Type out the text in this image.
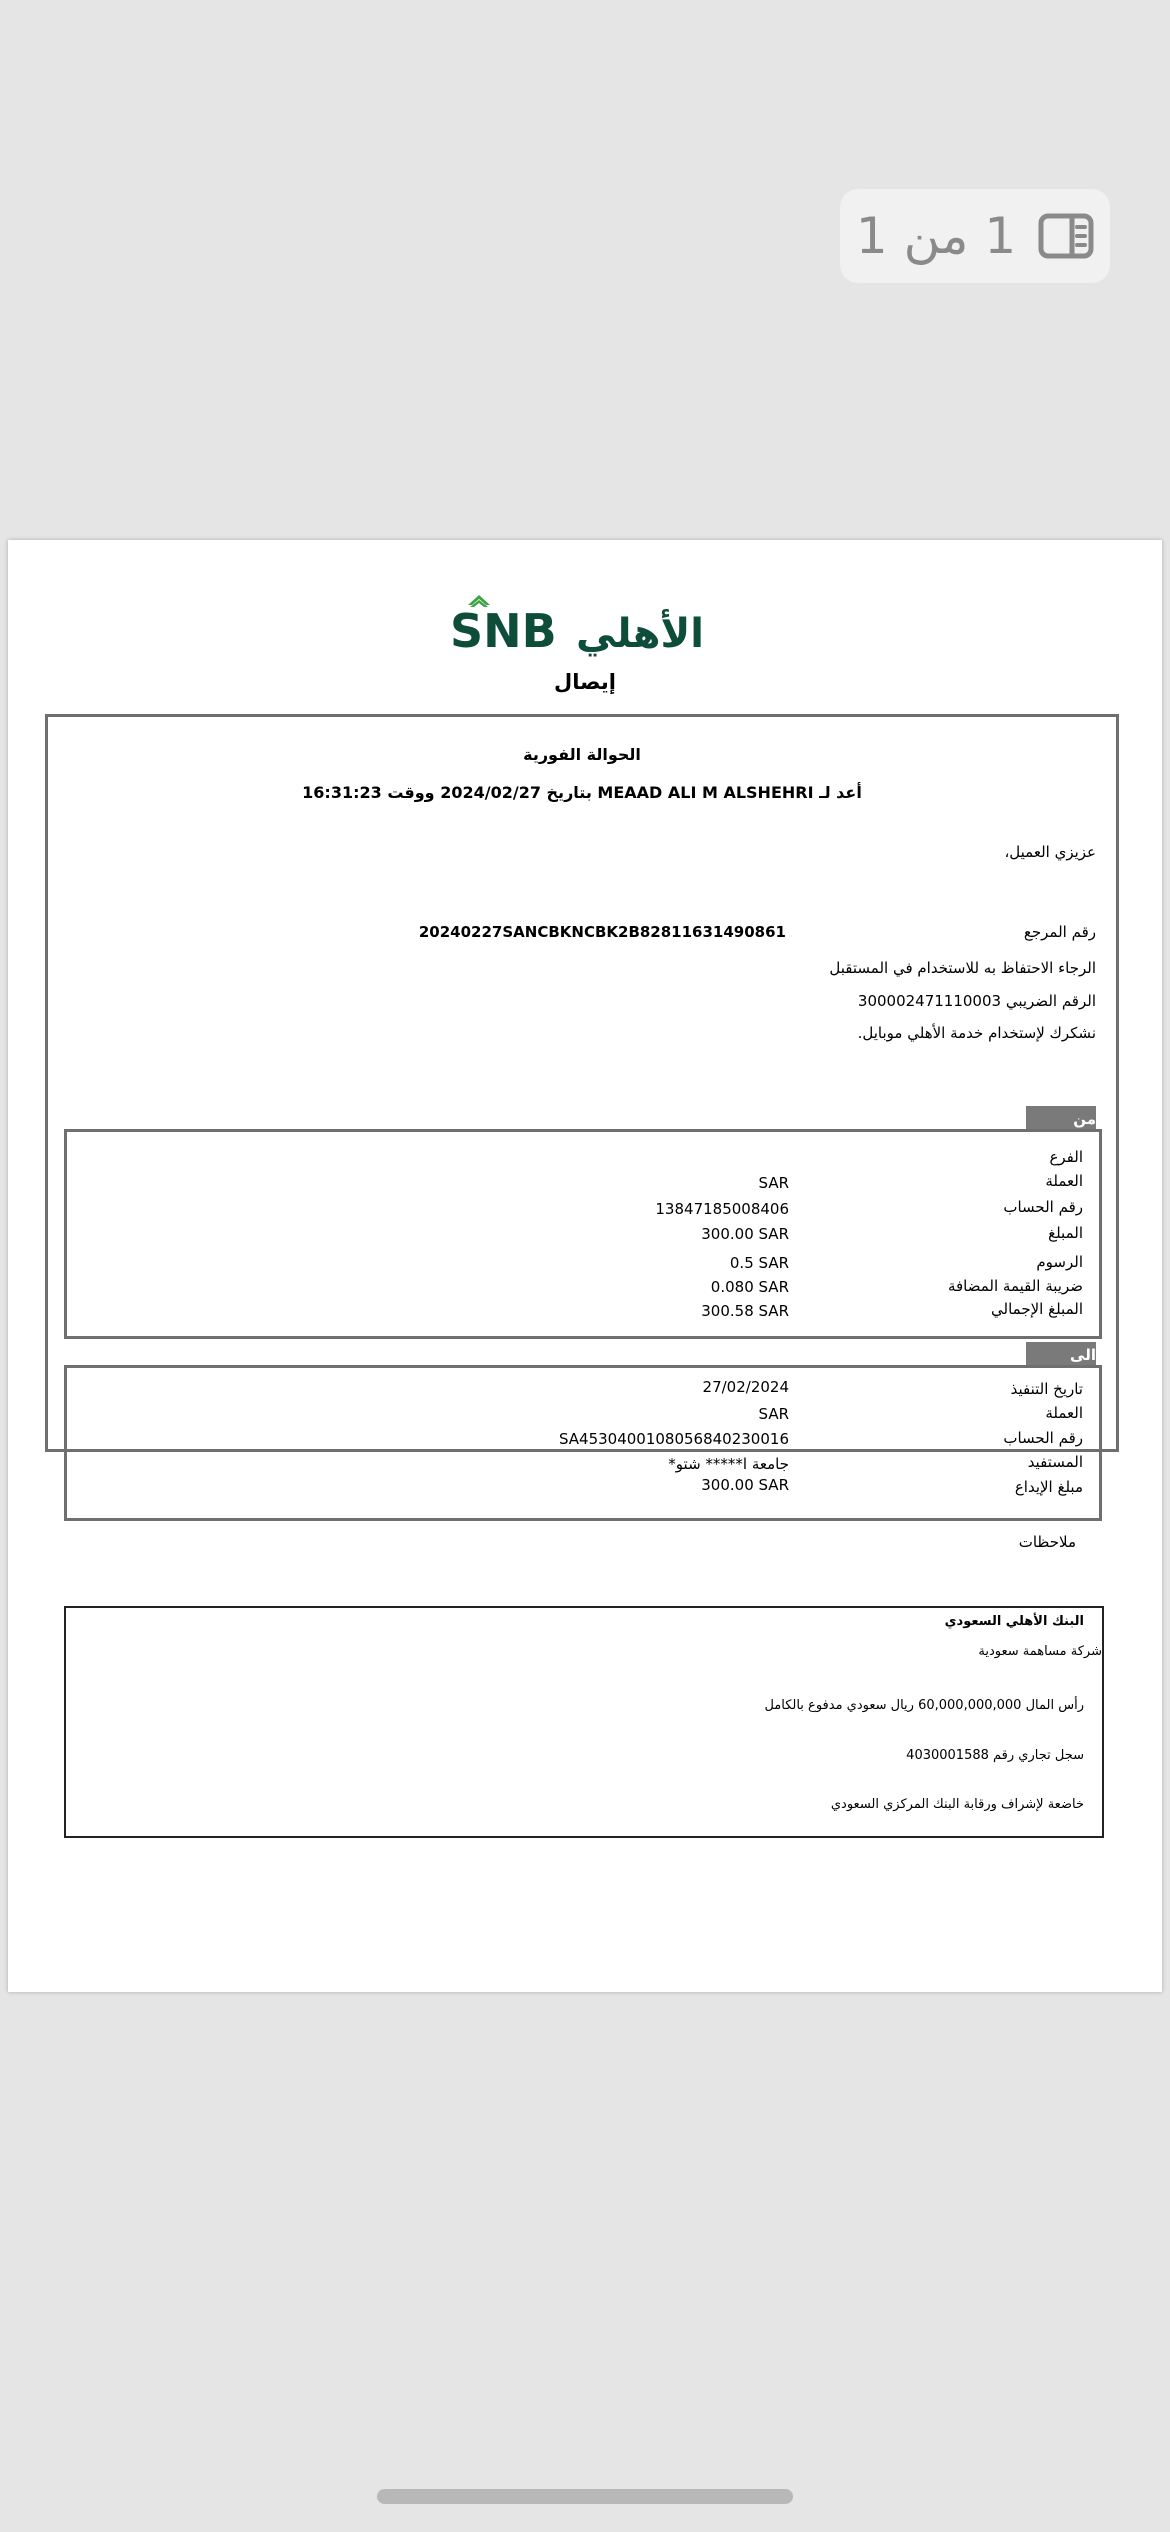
1 من 1
SNB الأهلي
إيصال
الحوالة الفورية
أعد لـ MEAAD ALI M ALSHEHRI بتاريخ 2024/02/27 ووقت 16:31:23
عزيزي العميل،
رقم المرجع
20240227SANCBKNCBK2B82811631490861
الرجاء الاحتفاظ به للاستخدام في المستقبل
الرقم الضريبي 300002471110003
نشكرك لإستخدام خدمة الأهلي موبايل.
من
الفرع
العملة
SAR
رقم الحساب
13847185008406
المبلغ
300.00 SAR
الرسوم
0.5 SAR
ضريبة القيمة المضافة
0.080 SAR
المبلغ الإجمالي
300.58 SAR
الى
تاريخ التنفيذ
27/02/2024
العملة
SAR
رقم الحساب
SA4530400108056840230016
المستفيد
جامعة ا***** شتو*
مبلغ الإيداع
300.00 SAR
ملاحظات
البنك الأهلي السعودي
شركة مساهمة سعودية
رأس المال 60,000,000,000 ريال سعودي مدفوع بالكامل
سجل تجاري رقم 4030001588
خاضعة لإشراف ورقابة البنك المركزي السعودي
